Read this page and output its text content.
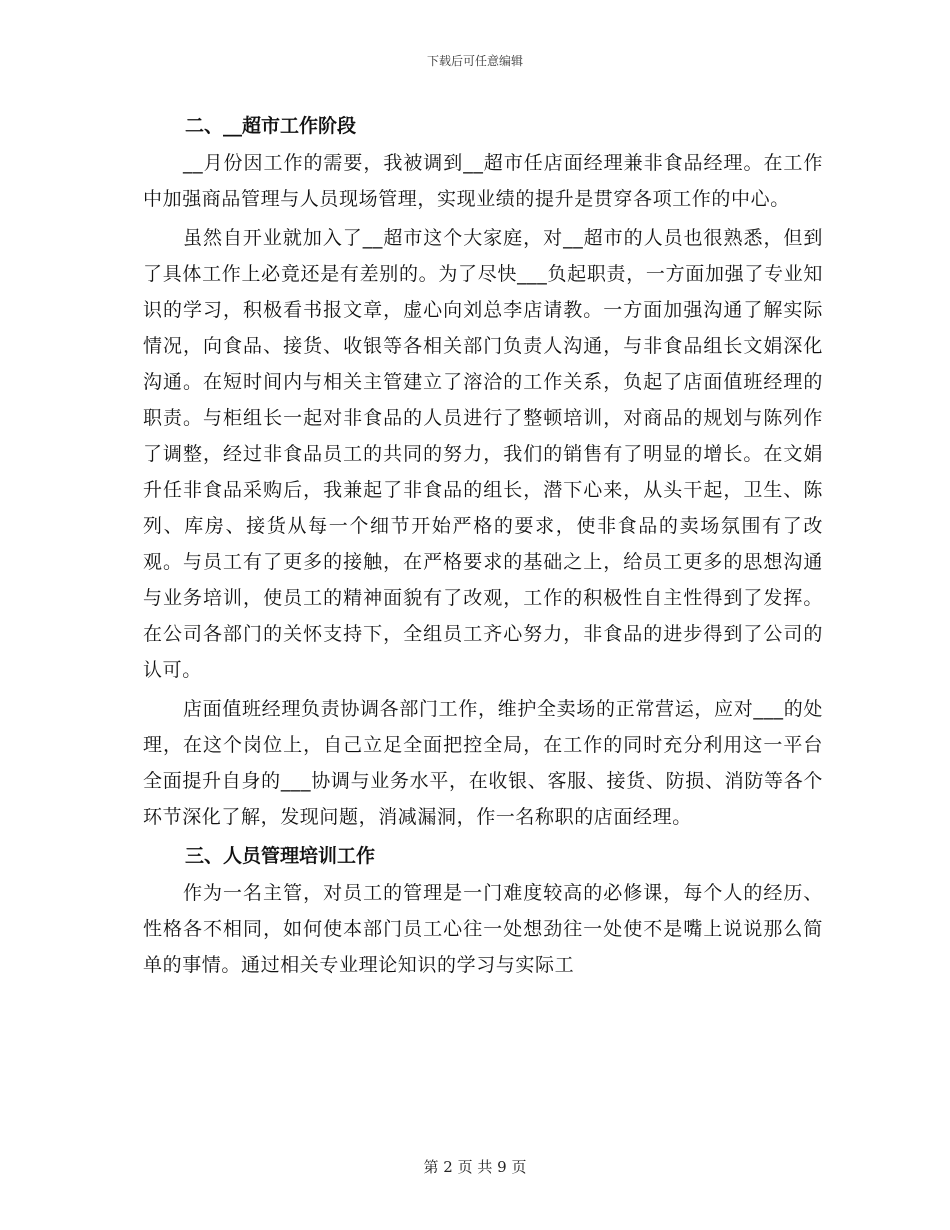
下载后可任意编辑
二、__超市工作阶段

__月份因工作的需要，我被调到__超市任店面经理兼非食品经理。在工作中加强商品管理与人员现场管理，实现业绩的提升是贯穿各项工作的中心。

虽然自开业就加入了__超市这个大家庭，对__超市的人员也很熟悉，但到了具体工作上必竟还是有差别的。为了尽快___负起职责，一方面加强了专业知识的学习，积极看书报文章，虚心向刘总李店请教。一方面加强沟通了解实际情况，向食品、接货、收银等各相关部门负责人沟通，与非食品组长文娟深化沟通。在短时间内与相关主管建立了溶洽的工作关系，负起了店面值班经理的职责。与柜组长一起对非食品的人员进行了整顿培训，对商品的规划与陈列作了调整，经过非食品员工的共同的努力，我们的销售有了明显的增长。在文娟升任非食品采购后，我兼起了非食品的组长，潜下心来，从头干起，卫生、陈列、库房、接货从每一个细节开始严格的要求，使非食品的卖场氛围有了改观。与员工有了更多的接触，在严格要求的基础之上，给员工更多的思想沟通与业务培训，使员工的精神面貌有了改观，工作的积极性自主性得到了发挥。在公司各部门的关怀支持下，全组员工齐心努力，非食品的进步得到了公司的认可。

店面值班经理负责协调各部门工作，维护全卖场的正常营运，应对___的处理，在这个岗位上，自己立足全面把控全局，在工作的同时充分利用这一平台全面提升自身的___协调与业务水平，在收银、客服、接货、防损、消防等各个环节深化了解，发现问题，消减漏洞，作一名称职的店面经理。

三、人员管理培训工作

作为一名主管，对员工的管理是一门难度较高的必修课，每个人的经历、性格各不相同，如何使本部门员工心往一处想劲往一处使不是嘴上说说那么简单的事情。通过相关专业理论知识的学习与实际工

第 2 页 共 9 页
